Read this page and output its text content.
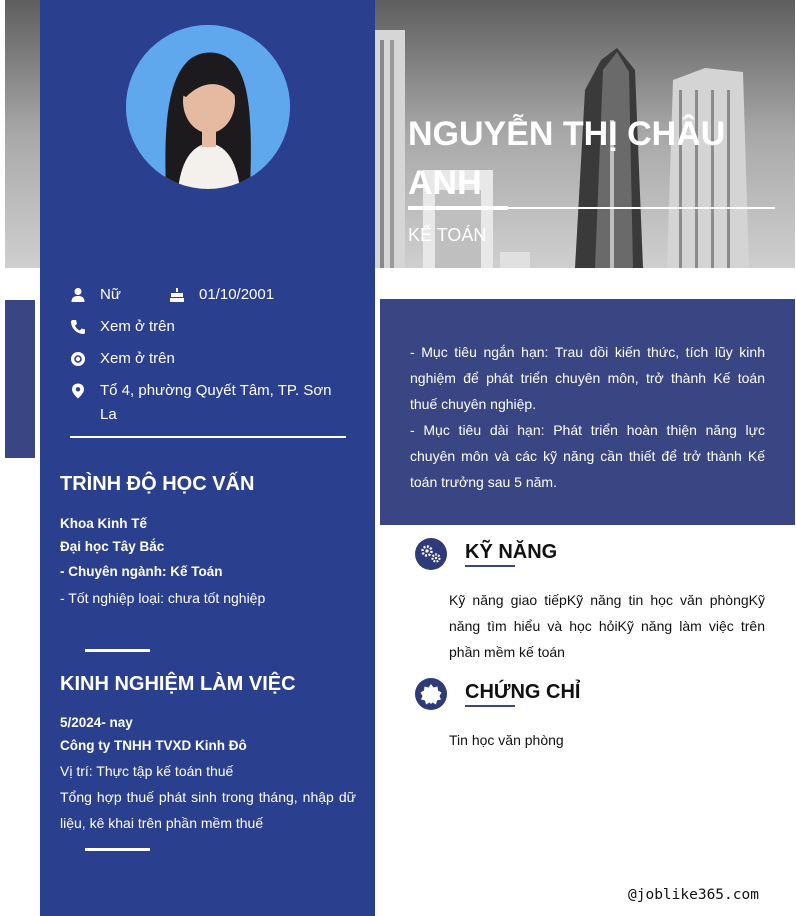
Nữ	01/10/2001
Xem ở trên
Xem ở trên
Tổ 4, phường Quyết Tâm, TP. Sơn La
TRÌNH ĐỘ HỌC VẤN
Khoa Kinh Tế
Đại học Tây Bắc
- Chuyên ngành: Kế Toán
- Tốt nghiệp loại: chưa tốt nghiệp
KINH NGHIỆM LÀM VIỆC
5/2024- nay
Công ty TNHH TVXD Kinh Đô
Vị trí: Thực tập kế toán thuế
Tổng hợp thuế phát sinh trong tháng, nhập dữ liệu, kê khai trên phần mềm thuế
NGUYỄN THỊ CHÂU ANH
KẾ TOÁN
- Mục tiêu ngắn hạn: Trau dồi kiến thức, tích lũy kinh nghiệm để phát triển chuyên môn, trở thành Kế toán thuế chuyên nghiệp.
- Mục tiêu dài hạn: Phát triển hoàn thiện năng lực chuyên môn và các kỹ năng cần thiết để trở thành Kế toán trưởng sau 5 năm.
KỸ NĂNG
Kỹ năng giao tiếpKỹ năng tin học văn phòngKỹ năng tìm hiểu và học hỏiKỹ năng làm việc trên phần mềm kế toán
CHỨNG CHỈ
Tin học văn phòng
@joblike365.com
